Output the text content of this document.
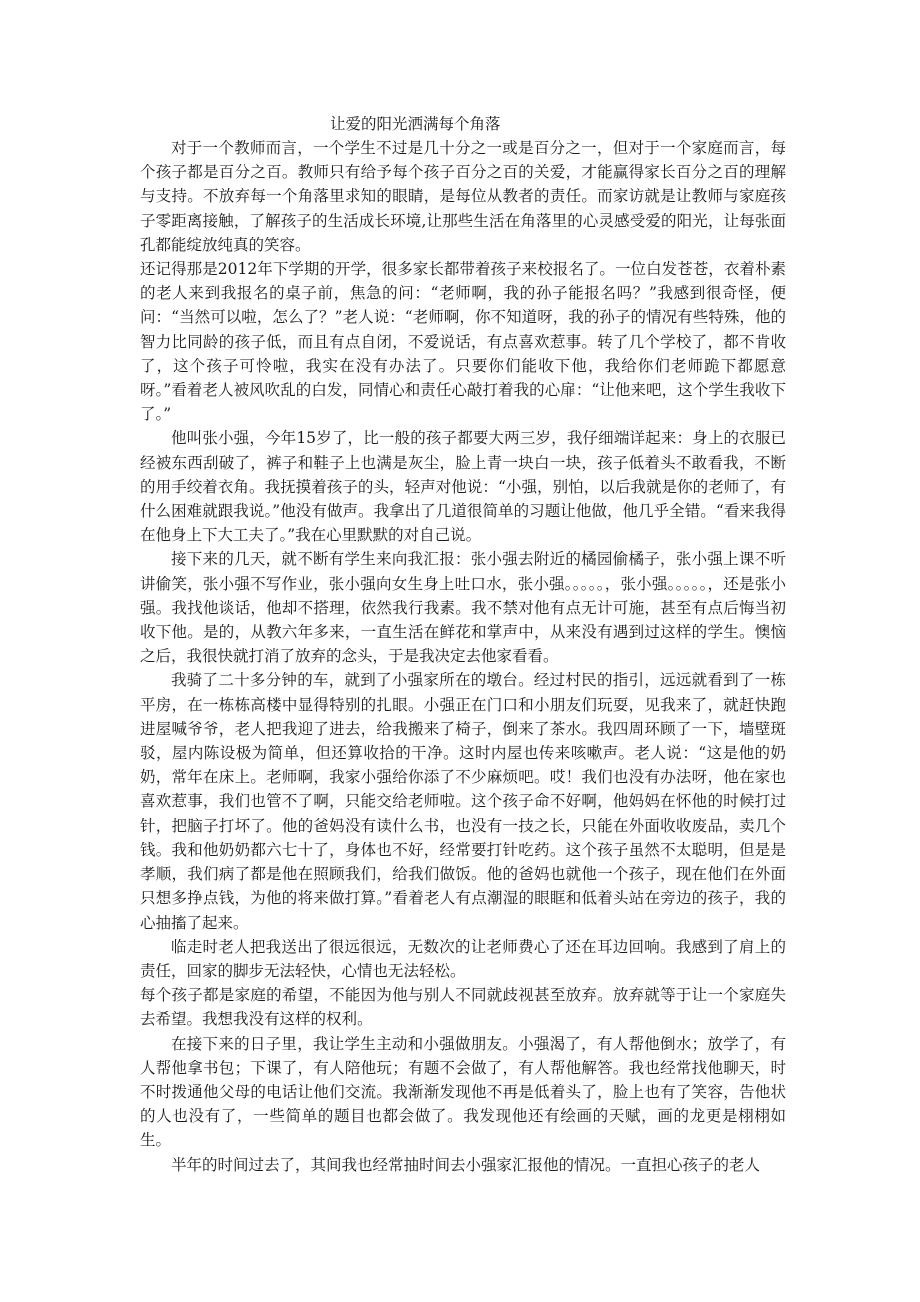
让爱的阳光洒满每个角落

对于一个教师而言，一个学生不过是几十分之一或是百分之一，但对于一个家庭而言，每个孩子都是百分之百。教师只有给予每个孩子百分之百的关爱，才能赢得家长百分之百的理解与支持。不放弃每一个角落里求知的眼睛，是每位从教者的责任。而家访就是让教师与家庭孩子零距离接触，了解孩子的生活成长环境,让那些生活在角落里的心灵感受爱的阳光，让每张面孔都能绽放纯真的笑容。

还记得那是2012年下学期的开学，很多家长都带着孩子来校报名了。一位白发苍苍，衣着朴素的老人来到我报名的桌子前，焦急的问：“老师啊，我的孙子能报名吗？”我感到很奇怪，便问：“当然可以啦，怎么了？”老人说：“老师啊，你不知道呀，我的孙子的情况有些特殊，他的智力比同龄的孩子低，而且有点自闭，不爱说话，有点喜欢惹事。转了几个学校了，都不肯收了，这个孩子可怜啦，我实在没有办法了。只要你们能收下他，我给你们老师跪下都愿意呀。”看着老人被风吹乱的白发，同情心和责任心敲打着我的心扉：“让他来吧，这个学生我收下了。”

他叫张小强，今年15岁了，比一般的孩子都要大两三岁，我仔细端详起来：身上的衣服已经被东西刮破了，裤子和鞋子上也满是灰尘，脸上青一块白一块，孩子低着头不敢看我，不断的用手绞着衣角。我抚摸着孩子的头，轻声对他说：“小强，别怕，以后我就是你的老师了，有什么困难就跟我说。”他没有做声。我拿出了几道很简单的习题让他做，他几乎全错。“看来我得在他身上下大工夫了。”我在心里默默的对自己说。

接下来的几天，就不断有学生来向我汇报：张小强去附近的橘园偷橘子，张小强上课不听讲偷笑，张小强不写作业，张小强向女生身上吐口水，张小强。。。。。，张小强。。。。。，还是张小强。我找他谈话，他却不搭理，依然我行我素。我不禁对他有点无计可施，甚至有点后悔当初收下他。是的，从教六年多来，一直生活在鲜花和掌声中，从来没有遇到过这样的学生。懊恼之后，我很快就打消了放弃的念头，于是我决定去他家看看。

我骑了二十多分钟的车，就到了小强家所在的墩台。经过村民的指引，远远就看到了一栋平房，在一栋栋高楼中显得特别的扎眼。小强正在门口和小朋友们玩耍，见我来了，就赶快跑进屋喊爷爷，老人把我迎了进去，给我搬来了椅子，倒来了茶水。我四周环顾了一下，墙壁斑驳，屋内陈设极为简单，但还算收拾的干净。这时内屋也传来咳嗽声。老人说：“这是他的奶奶，常年在床上。老师啊，我家小强给你添了不少麻烦吧。哎！我们也没有办法呀，他在家也喜欢惹事，我们也管不了啊，只能交给老师啦。这个孩子命不好啊，他妈妈在怀他的时候打过针，把脑子打坏了。他的爸妈没有读什么书，也没有一技之长，只能在外面收收废品，卖几个钱。我和他奶奶都六七十了，身体也不好，经常要打针吃药。这个孩子虽然不太聪明，但是是孝顺，我们病了都是他在照顾我们，给我们做饭。他的爸妈也就他一个孩子，现在他们在外面只想多挣点钱，为他的将来做打算。”看着老人有点潮湿的眼眶和低着头站在旁边的孩子，我的心抽搐了起来。

临走时老人把我送出了很远很远，无数次的让老师费心了还在耳边回响。我感到了肩上的责任，回家的脚步无法轻快，心情也无法轻松。

每个孩子都是家庭的希望，不能因为他与别人不同就歧视甚至放弃。放弃就等于让一个家庭失去希望。我想我没有这样的权利。

在接下来的日子里，我让学生主动和小强做朋友。小强渴了，有人帮他倒水；放学了，有人帮他拿书包；下课了，有人陪他玩；有题不会做了，有人帮他解答。我也经常找他聊天，时不时拨通他父母的电话让他们交流。我渐渐发现他不再是低着头了，脸上也有了笑容，告他状的人也没有了，一些简单的题目也都会做了。我发现他还有绘画的天赋，画的龙更是栩栩如生。

半年的时间过去了，其间我也经常抽时间去小强家汇报他的情况。一直担心孩子的老人
